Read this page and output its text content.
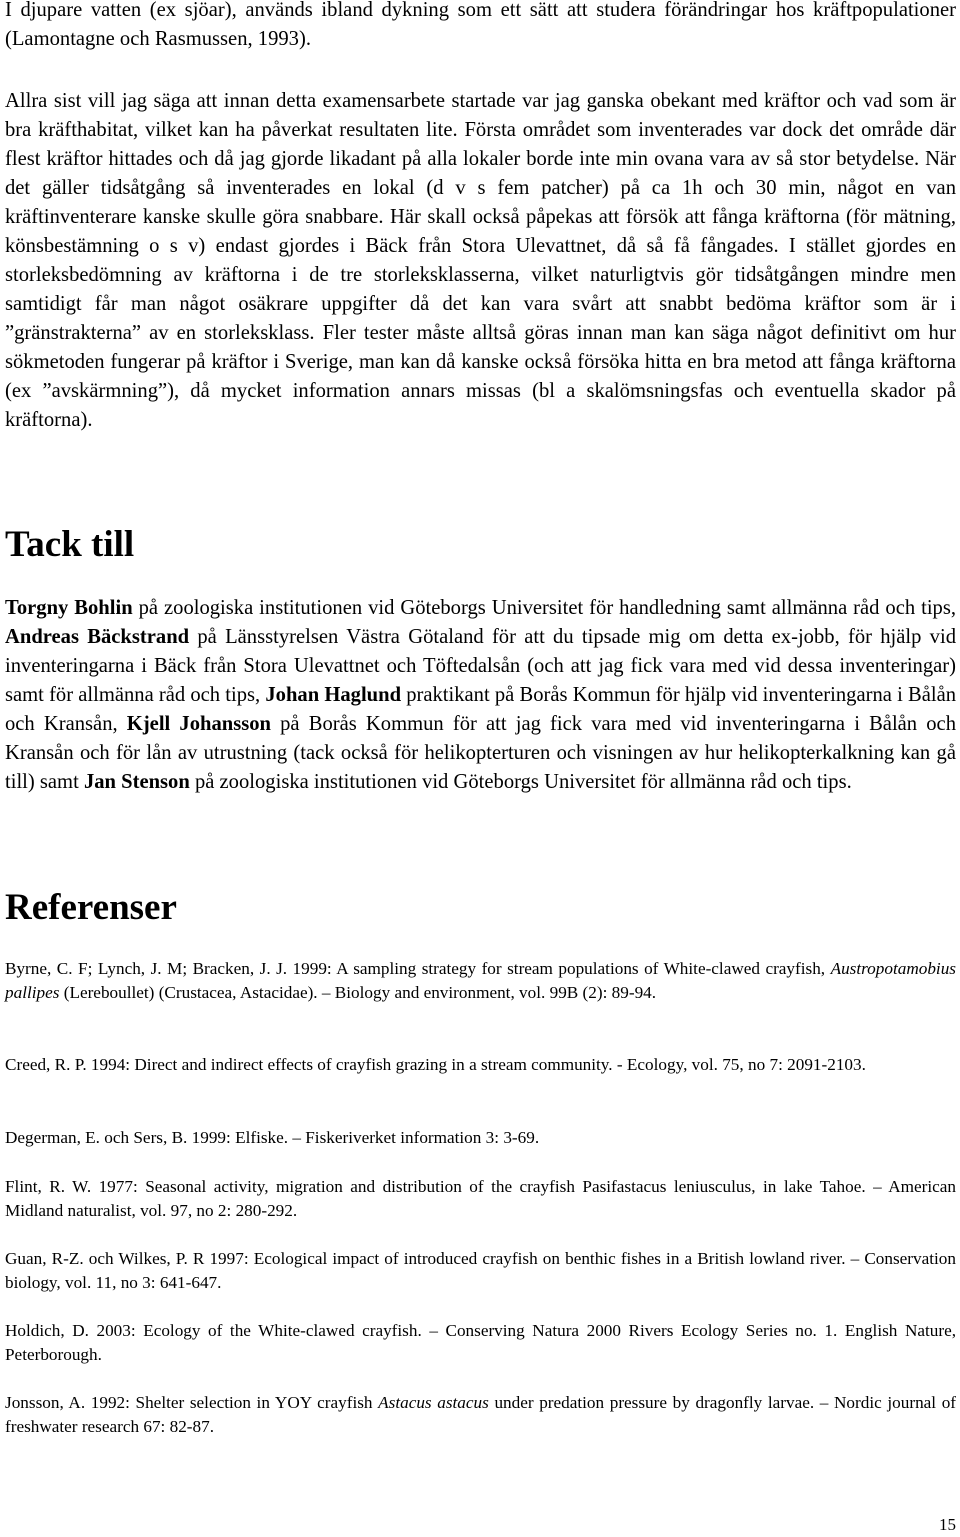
I djupare vatten (ex sjöar), används ibland dykning som ett sätt att studera förändringar hos kräftpopulationer (Lamontagne och Rasmussen, 1993).

Allra sist vill jag säga att innan detta examensarbete startade var jag ganska obekant med kräftor och vad som är bra kräfthabitat, vilket kan ha påverkat resultaten lite. Första området som inventerades var dock det område där flest kräftor hittades och då jag gjorde likadant på alla lokaler borde inte min ovana vara av så stor betydelse. När det gäller tidsåtgång så inventerades en lokal (d v s fem patcher) på ca 1h och 30 min, något en van kräftinventerare kanske skulle göra snabbare. Här skall också påpekas att försök att fånga kräftorna (för mätning, könsbestämning o s v) endast gjordes i Bäck från Stora Ulevattnet, då så få fångades. I stället gjordes en storleksbedömning av kräftorna i de tre storleksklasserna, vilket naturligtvis gör tidsåtgången mindre men samtidigt får man något osäkrare uppgifter då det kan vara svårt att snabbt bedöma kräftor som är i ”gränstrakterna” av en storleksklass. Fler tester måste alltså göras innan man kan säga något definitivt om hur sökmetoden fungerar på kräftor i Sverige, man kan då kanske också försöka hitta en bra metod att fånga kräftorna (ex ”avskärmning”), då mycket information annars missas (bl a skalömsningsfas och eventuella skador på kräftorna).

Tack till

Torgny Bohlin på zoologiska institutionen vid Göteborgs Universitet för handledning samt allmänna råd och tips, Andreas Bäckstrand på Länsstyrelsen Västra Götaland för att du tipsade mig om detta ex-jobb, för hjälp vid inventeringarna i Bäck från Stora Ulevattnet och Töftedalsån (och att jag fick vara med vid dessa inventeringar) samt för allmänna råd och tips, Johan Haglund praktikant på Borås Kommun för hjälp vid inventeringarna i Bålån och Kransån, Kjell Johansson på Borås Kommun för att jag fick vara med vid inventeringarna i Bålån och Kransån och för lån av utrustning (tack också för helikopterturen och visningen av hur helikopterkalkning kan gå till) samt Jan Stenson på zoologiska institutionen vid Göteborgs Universitet för allmänna råd och tips.

Referenser

Byrne, C. F; Lynch, J. M; Bracken, J. J. 1999: A sampling strategy for stream populations of White-clawed crayfish, Austropotamobius pallipes (Lereboullet) (Crustacea, Astacidae). – Biology and environment, vol. 99B (2): 89-94.

Creed, R. P. 1994: Direct and indirect effects of crayfish grazing in a stream community. - Ecology, vol. 75, no 7: 2091-2103.

Degerman, E. och Sers, B. 1999: Elfiske. – Fiskeriverket information 3: 3-69.

Flint, R. W. 1977: Seasonal activity, migration and distribution of the crayfish Pasifastacus leniusculus, in lake Tahoe. – American Midland naturalist, vol. 97, no 2: 280-292.

Guan, R-Z. och Wilkes, P. R 1997: Ecological impact of introduced crayfish on benthic fishes in a British lowland river. – Conservation biology, vol. 11, no 3: 641-647.

Holdich, D. 2003: Ecology of the White-clawed crayfish. – Conserving Natura 2000 Rivers Ecology Series no. 1. English Nature, Peterborough.

Jonsson, A. 1992: Shelter selection in YOY crayfish Astacus astacus under predation pressure by dragonfly larvae. – Nordic journal of freshwater research 67: 82-87.

15
